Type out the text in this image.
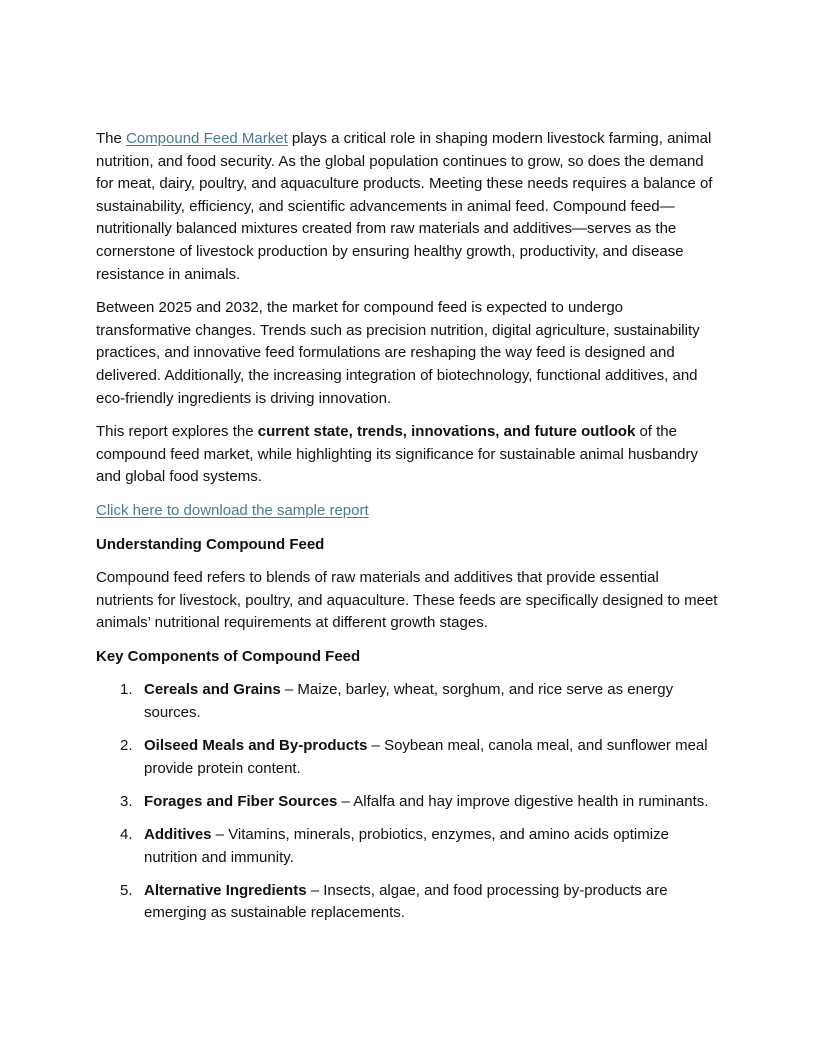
The Compound Feed Market plays a critical role in shaping modern livestock farming, animal nutrition, and food security. As the global population continues to grow, so does the demand for meat, dairy, poultry, and aquaculture products. Meeting these needs requires a balance of sustainability, efficiency, and scientific advancements in animal feed. Compound feed—nutritionally balanced mixtures created from raw materials and additives—serves as the cornerstone of livestock production by ensuring healthy growth, productivity, and disease resistance in animals.

Between 2025 and 2032, the market for compound feed is expected to undergo transformative changes. Trends such as precision nutrition, digital agriculture, sustainability practices, and innovative feed formulations are reshaping the way feed is designed and delivered. Additionally, the increasing integration of biotechnology, functional additives, and eco-friendly ingredients is driving innovation.

This report explores the current state, trends, innovations, and future outlook of the compound feed market, while highlighting its significance for sustainable animal husbandry and global food systems.

Click here to download the sample report

Understanding Compound Feed

Compound feed refers to blends of raw materials and additives that provide essential nutrients for livestock, poultry, and aquaculture. These feeds are specifically designed to meet animals’ nutritional requirements at different growth stages.

Key Components of Compound Feed

1. Cereals and Grains – Maize, barley, wheat, sorghum, and rice serve as energy sources.
2. Oilseed Meals and By-products – Soybean meal, canola meal, and sunflower meal provide protein content.
3. Forages and Fiber Sources – Alfalfa and hay improve digestive health in ruminants.
4. Additives – Vitamins, minerals, probiotics, enzymes, and amino acids optimize nutrition and immunity.
5. Alternative Ingredients – Insects, algae, and food processing by-products are emerging as sustainable replacements.
